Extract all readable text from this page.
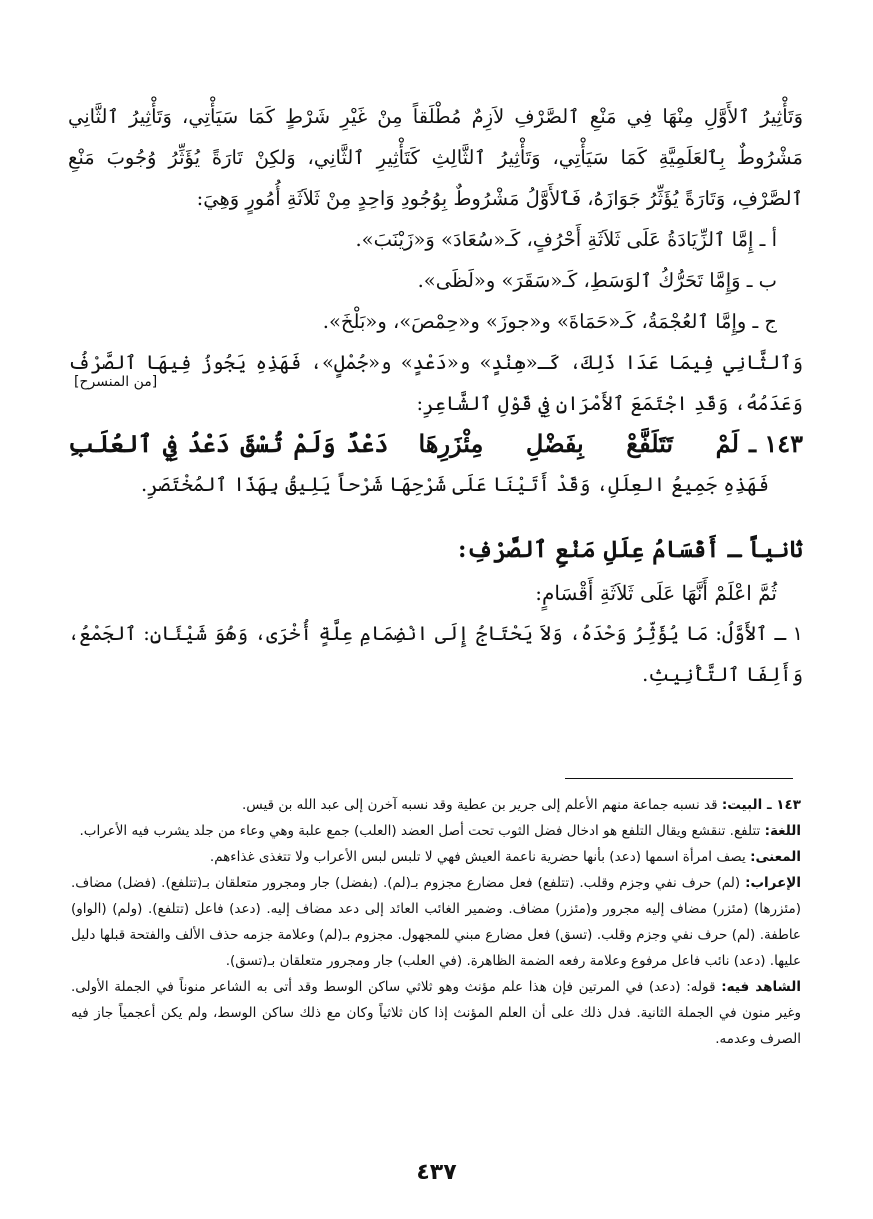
وَتَأْثِيرُ ٱلأَوَّلِ مِنْهَا فِي مَنْعِ ٱلصَّرْفِ لاَزِمٌ مُطْلَقاً مِنْ غَيْرِ شَرْطٍ كَمَا سَيَأْتِي، وَتَأْثِيرُ ٱلثَّانِي مَشْرُوطٌ بِٱلعَلَمِيَّةِ كَمَا سَيَأْتِي، وَتَأْثِيرُ ٱلثَّالِثِ كَتَأْثِيرِ ٱلثَّانِي، وَلكِنْ تَارَةً يُؤَثِّرُ وُجُوبَ مَنْعِ ٱلصَّرْفِ، وَتَارَةً يُؤَثِّرُ جَوَازَهُ، فَٱلأَوَّلُ مَشْرُوطٌ بِوُجُودِ وَاحِدٍ مِنْ ثَلاَثَةِ أُمُورٍ وَهِيَ:

أ ـ إِمَّا ٱلزِّيَادَةُ عَلَى ثَلاَثَةِ أَحْرُفٍ، كَـ«سُعَادَ» وَ«زَيْنَبَ».

ب ـ وَإِمَّا تَحَرُّكُ ٱلوَسَطِ، كَـ«سَقَرَ» و«لَظَى».

ج ـ وإِمَّا ٱلعُجْمَةُ، كَـ«حَمَاةَ» و«جوزَ» و«حِمْصَ»، و«بَلْخَ».

وَٱلثَّانِي فِيمَا عَدَا ذَلِكَ، كَـ«هِنْدٍ» و«دَعْدٍ» و«جُمْلٍ»، فَهَذِهِ يَجُوزُ فِيهَا ٱلصَّرْفُ وَعَدَمُهُ، وَقَدِ اجْتَمَعَ ٱلأَمْرَانِ فِي قَوْلِ ٱلشَّاعِرِ:

[من المنسرح]
١٤٣ ـ
لَمْ تَتَلَفَّعْ بِفَضْلِ مِئْزَرِهَا
دَعْدٌ وَلَمْ تُسْقَ دَعْدُ فِي ٱلعُلَبِ

فَهَذِهِ جَمِيعُ العِلَلِ، وَقَدْ أَتَيْنَا عَلَى شَرْحِهَا شَرْحاً يَلِيقُ بِهَذَا ٱلمُخْتَصَرِ.

ثانياً ـ أَقْسَامُ عِلَلِ مَنْعِ ٱلصَّرْفِ:

ثُمَّ اعْلَمْ أَنَّهَا عَلَى ثَلاَثَةِ أَقْسَامٍ:

١ ـ ٱلأَوَّلُ: مَا يُؤَثِّرُ وَحْدَهُ، وَلاَ يَحْتَاجُ إِلَى انْضِمَامِ عِلَّةٍ أُخْرَى، وَهُوَ شَيْئَانِ: ٱلجَمْعُ، وَأَلِفَا ٱلتَّأْنِيثِ.

١٤٣ ـ البيت: قد نسبه جماعة منهم الأعلم إلى جرير بن عطية وقد نسبه آخرن إلى عبد الله بن قيس.

اللغة: تتلفع. تنقشع ويقال التلفع هو ادخال فضل الثوب تحت أصل العضد (العلب) جمع علبة وهي وعاء من جلد يشرب فيه الأعراب.

المعنى: يصف امرأة اسمها (دعد) بأنها حضرية ناعمة العيش فهي لا تلبس لبس الأعراب ولا تتغذى غذاءهم.

الإعراب: (لم) حرف نفي وجزم وقلب. (تتلفع) فعل مضارع مجزوم بـ(لم). (بفضل) جار ومجرور متعلقان بـ(تتلفع). (فضل) مضاف. (مئزرها) (مئزر) مضاف إليه مجرور و(مئزر) مضاف. وضمير الغائب العائد إلى دعد مضاف إليه. (دعد) فاعل (تتلفع). (ولم) (الواو) عاطفة. (لم) حرف نفي وجزم وقلب. (تسق) فعل مضارع مبني للمجهول. مجزوم بـ(لم) وعلامة جزمه حذف الألف والفتحة قبلها دليل عليها. (دعد) نائب فاعل مرفوع وعلامة رفعه الضمة الظاهرة. (في العلب) جار ومجرور متعلقان بـ(تسق).

الشاهد فيه: قوله: (دعد) في المرتين فإن هذا علم مؤنث وهو ثلاثي ساكن الوسط وقد أتى به الشاعر منوناً في الجملة الأولى. وغير منون في الجملة الثانية. فدل ذلك على أن العلم المؤنث إذا كان ثلاثياً وكان مع ذلك ساكن الوسط، ولم يكن أعجمياً جاز فيه الصرف وعدمه.

٤٣٧
